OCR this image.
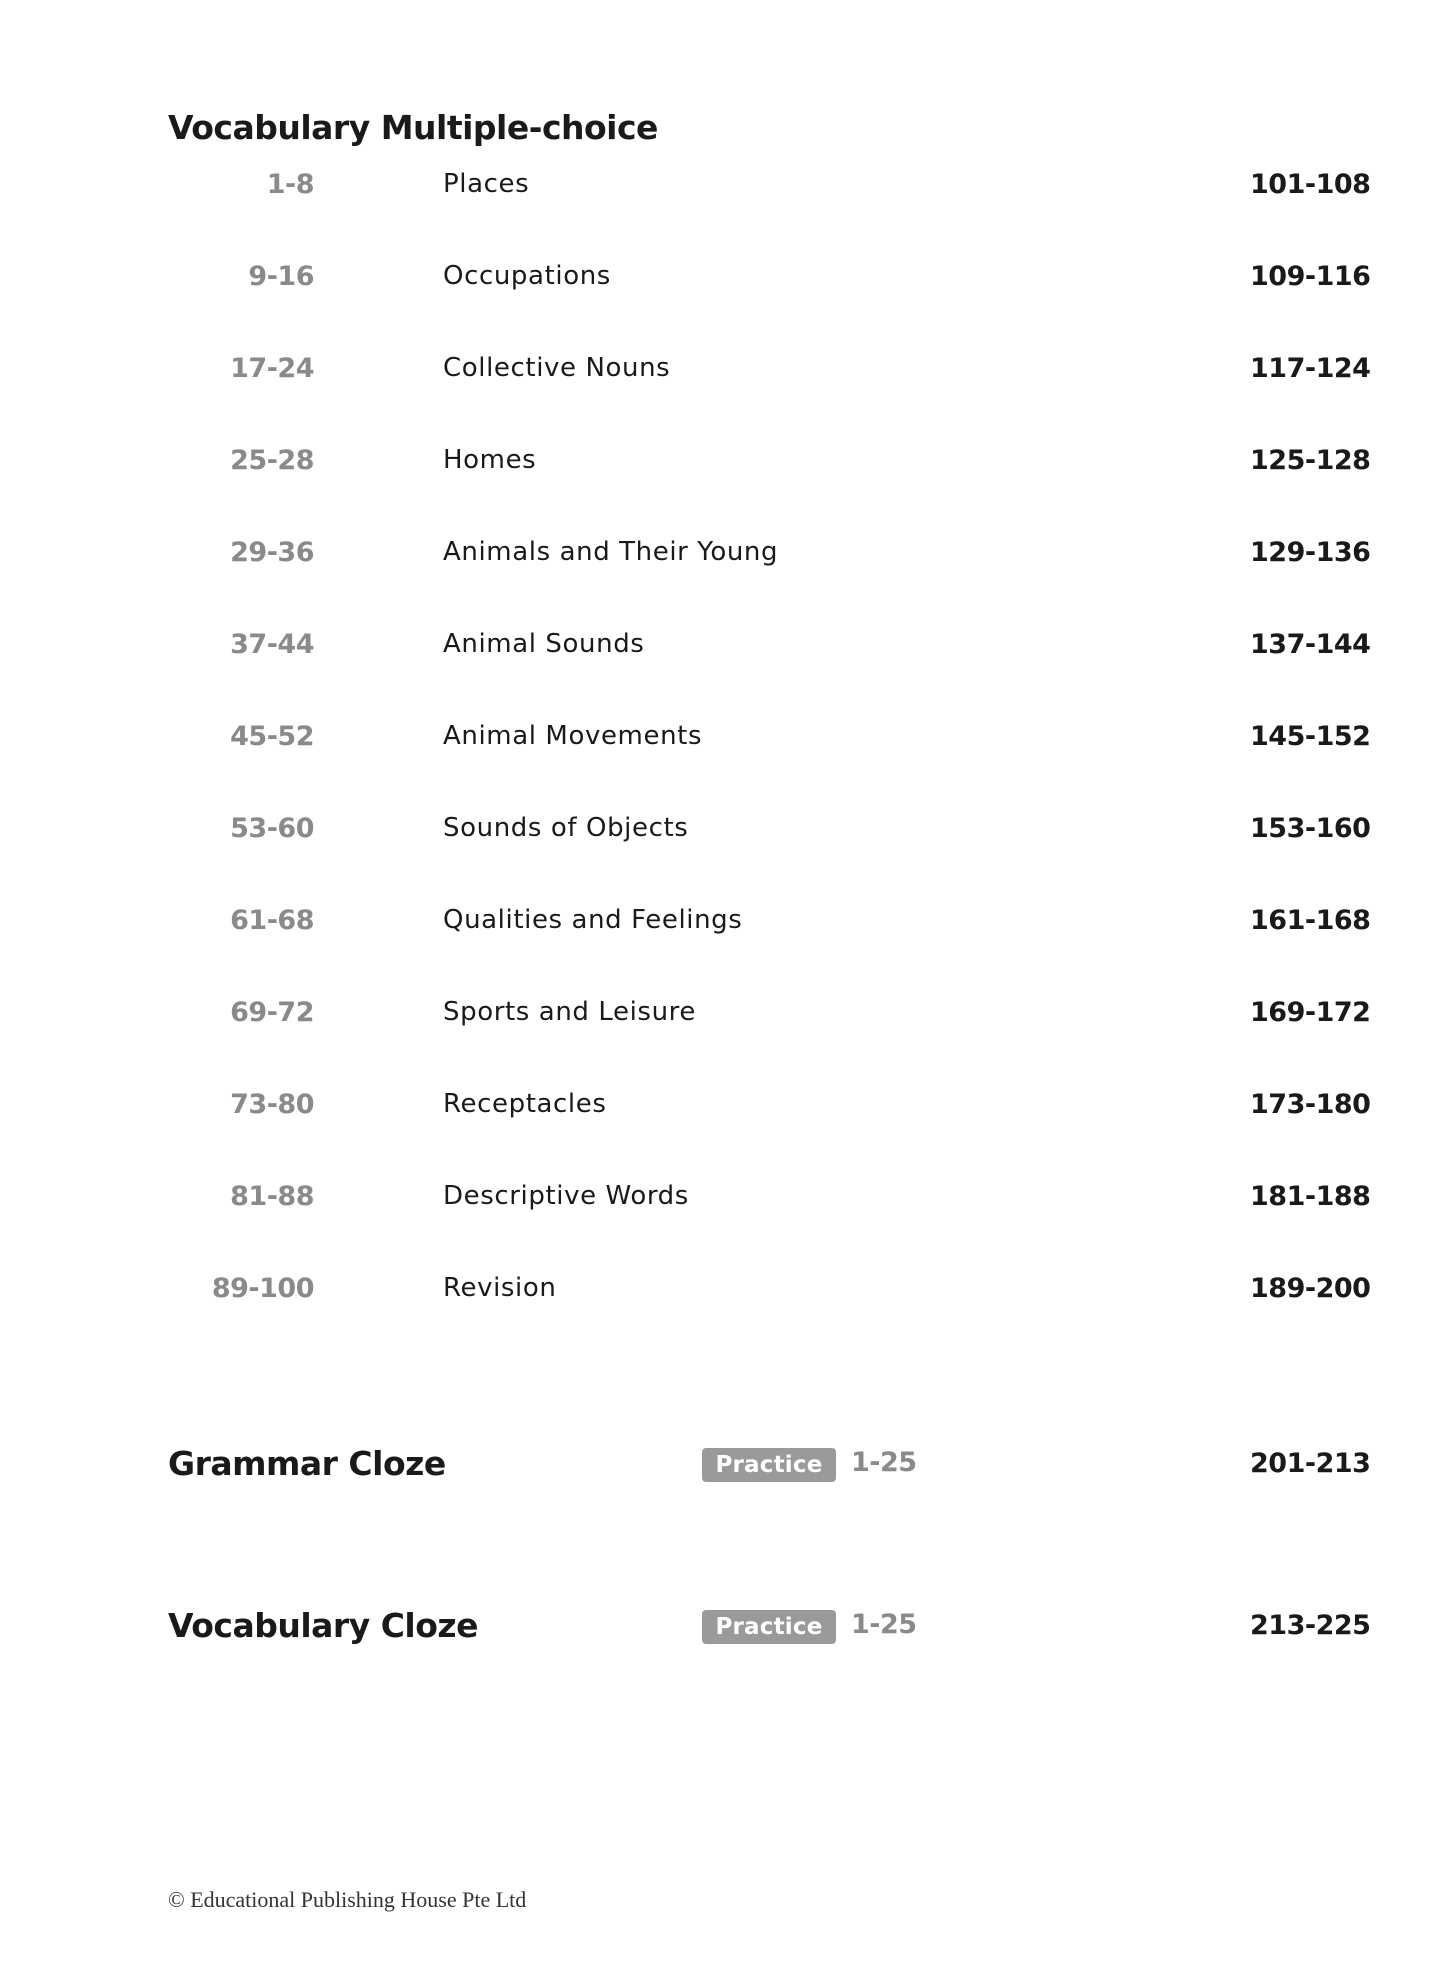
Vocabulary Multiple-choice
1-8	Places	101-108
9-16	Occupations	109-116
17-24	Collective Nouns	117-124
25-28	Homes	125-128
29-36	Animals and Their Young	129-136
37-44	Animal Sounds	137-144
45-52	Animal Movements	145-152
53-60	Sounds of Objects	153-160
61-68	Qualities and Feelings	161-168
69-72	Sports and Leisure	169-172
73-80	Receptacles	173-180
81-88	Descriptive Words	181-188
89-100	Revision	189-200
Grammar Cloze	Practice	1-25	201-213
Vocabulary Cloze	Practice	1-25	213-225
© Educational Publishing House Pte Ltd
